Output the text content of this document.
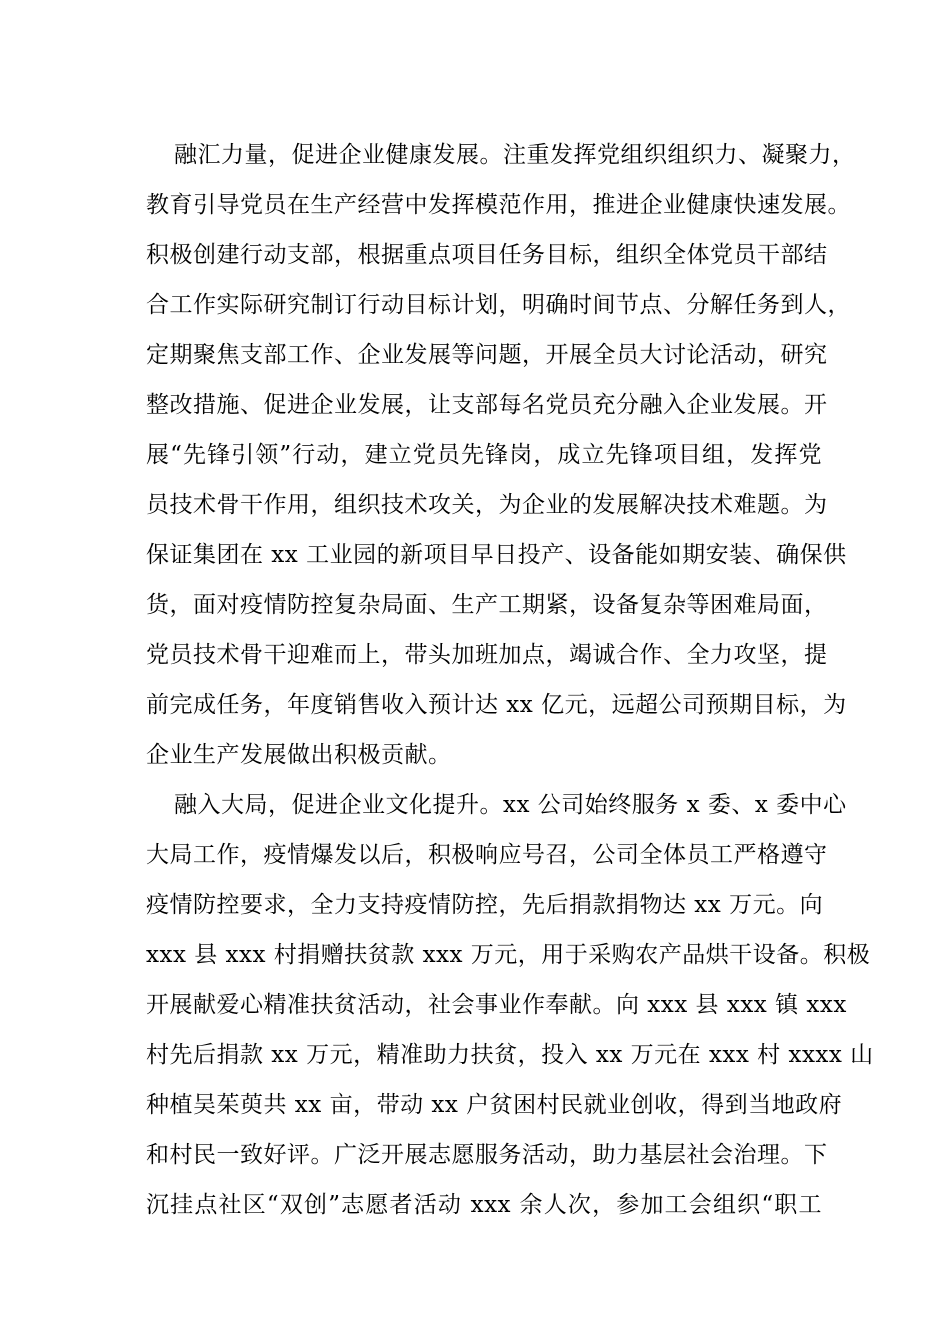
融汇力量，促进企业健康发展。注重发挥党组织组织力、凝聚力，
教育引导党员在生产经营中发挥模范作用，推进企业健康快速发展。
积极创建行动支部，根据重点项目任务目标，组织全体党员干部结
合工作实际研究制订行动目标计划，明确时间节点、分解任务到人，
定期聚焦支部工作、企业发展等问题，开展全员大讨论活动，研究
整改措施、促进企业发展，让支部每名党员充分融入企业发展。开
展“先锋引领”行动，建立党员先锋岗，成立先锋项目组，发挥党
员技术骨干作用，组织技术攻关，为企业的发展解决技术难题。为
保证集团在 xx 工业园的新项目早日投产、设备能如期安装、确保供
货，面对疫情防控复杂局面、生产工期紧，设备复杂等困难局面，
党员技术骨干迎难而上，带头加班加点，竭诚合作、全力攻坚，提
前完成任务，年度销售收入预计达 xx 亿元，远超公司预期目标，为
企业生产发展做出积极贡献。
融入大局，促进企业文化提升。xx 公司始终服务 x 委、x 委中心
大局工作，疫情爆发以后，积极响应号召，公司全体员工严格遵守
疫情防控要求，全力支持疫情防控，先后捐款捐物达 xx 万元。向
xxx 县 xxx 村捐赠扶贫款 xxx 万元，用于采购农产品烘干设备。积极
开展献爱心精准扶贫活动，社会事业作奉献。向 xxx 县 xxx 镇 xxx
村先后捐款 xx 万元，精准助力扶贫，投入 xx 万元在 xxx 村 xxxx 山
种植吴茱萸共 xx 亩，带动 xx 户贫困村民就业创收，得到当地政府
和村民一致好评。广泛开展志愿服务活动，助力基层社会治理。下
沉挂点社区“双创”志愿者活动 xxx 余人次，参加工会组织“职工
